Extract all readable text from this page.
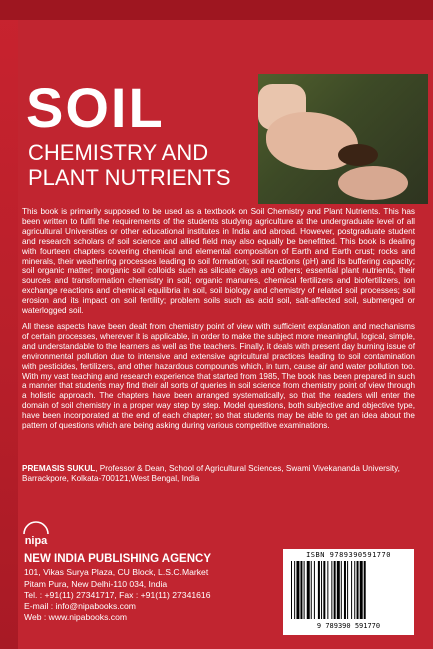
SOIL
CHEMISTRY AND
PLANT NUTRIENTS

This book is primarily supposed to be used as a textbook on Soil Chemistry and Plant Nutrients. This has been written to fulfil the requirements of the students studying agriculture at the undergraduate level of all agricultural Universities or other educational institutes in India and abroad. However, postgraduate student and research scholars of soil science and allied field may also equally be benefitted. This book is dealing with fourteen chapters covering chemical and elemental composition of Earth and Earth crust; rocks and minerals, their weathering processes leading to soil formation; soil reactions (pH) and its buffering capacity; soil organic matter; inorganic soil colloids such as silicate clays and others; essential plant nutrients, their sources and transformation chemistry in soil; organic manures, chemical fertilizers and biofertilizers, ion exchange reactions and chemical equilibria in soil, soil biology and chemistry of related soil processes; soil erosion and its impact on soil fertility; problem soils such as acid soil, salt-affected soil, submerged or waterlogged soil.

All these aspects have been dealt from chemistry point of view with sufficient explanation and mechanisms of certain processes, wherever it is applicable, in order to make the subject more meaningful, logical, simple, and understandable to the learners as well as the teachers. Finally, it deals with present day burning issue of environmental pollution due to intensive and extensive agricultural practices leading to soil contamination with pesticides, fertilizers, and other hazardous compounds which, in turn, cause air and water pollution too. With my vast teaching and research experience that started from 1985, The book has been prepared in such a manner that students may find their all sorts of queries in soil science from chemistry point of view through a holistic approach. The chapters have been arranged systematically, so that the readers will enter the domain of soil chemistry in a proper way step by step. Model questions, both subjective and objective type, have been incorporated at the end of each chapter; so that students may be able to get an idea about the pattern of questions which are being asking during various competitive examinations.

PREMASIS SUKUL, Professor & Dean, School of Agricultural Sciences, Swami Vivekananda University, Barrackpore, Kolkata-700121,West Bengal, India
nipa
NEW INDIA PUBLISHING AGENCY
101, Vikas Surya Plaza, CU Block, L.S.C.Market
Pitam Pura, New Delhi-110 034, India
Tel. : +91(11) 27341717, Fax : +91(11) 27341616
E-mail : info@nipabooks.com
Web : www.nipabooks.com
ISBN 9789390591770
9 789390 591770
